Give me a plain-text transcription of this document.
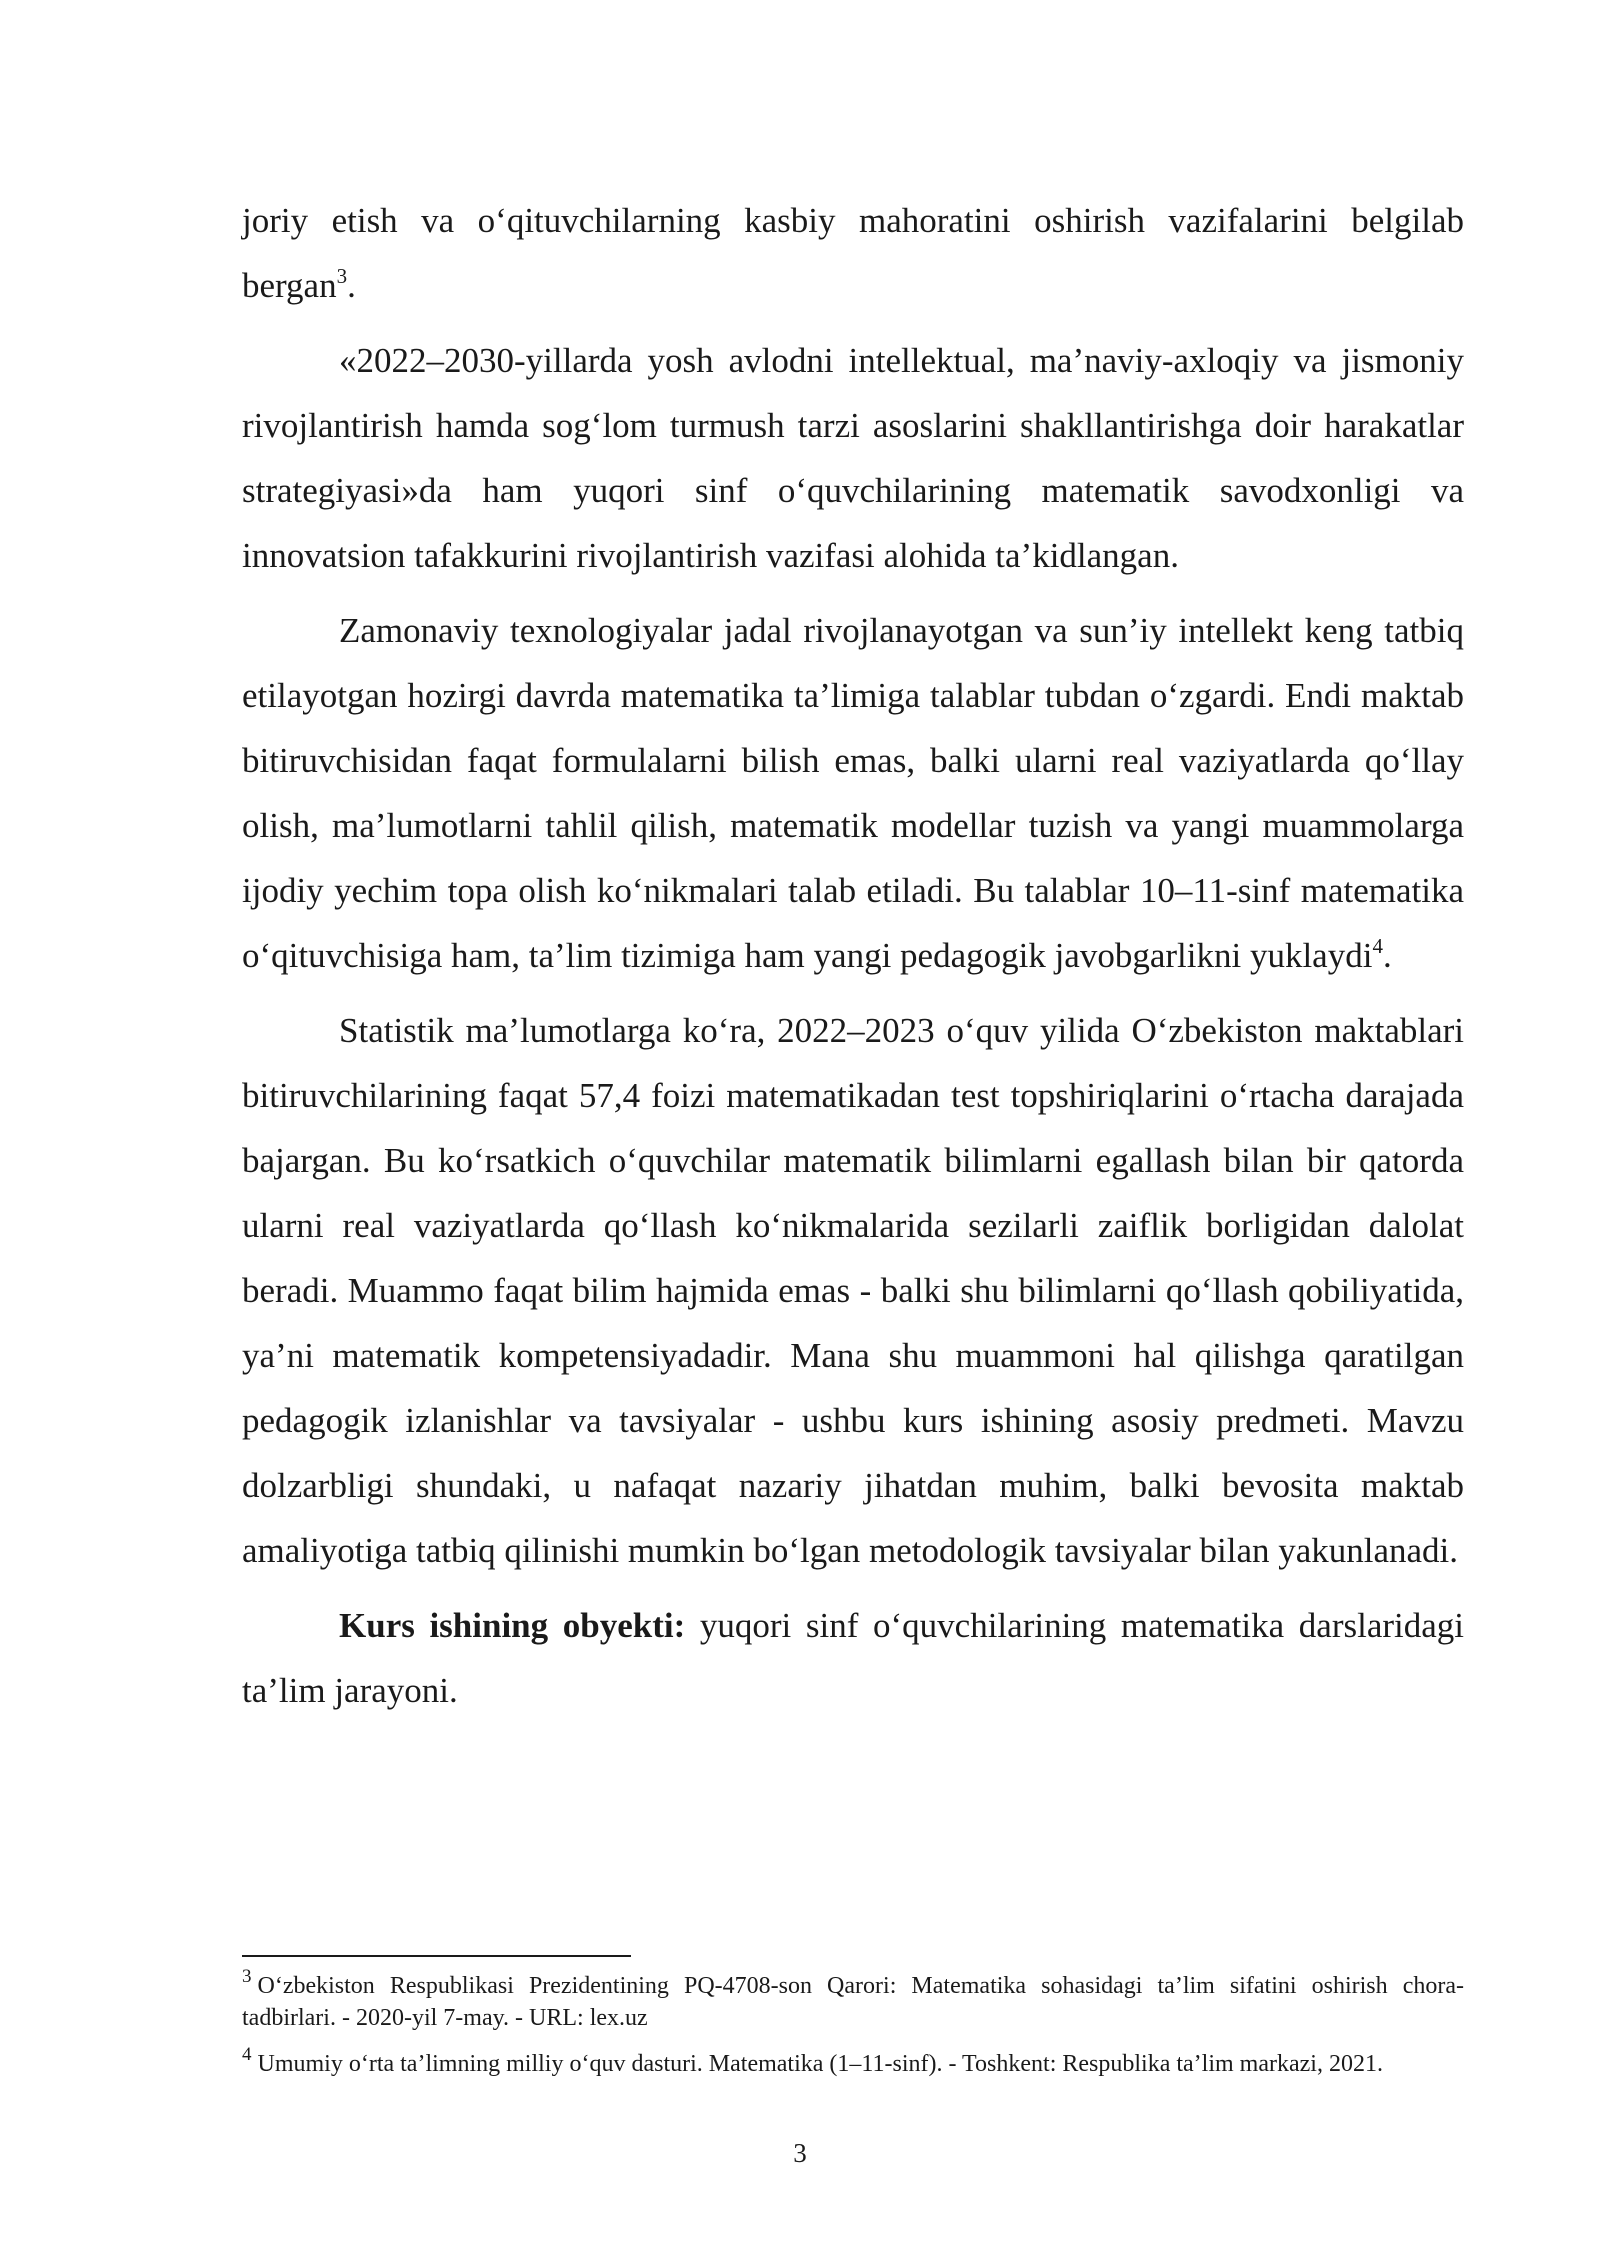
joriy etish va o‘qituvchilarning kasbiy mahoratini oshirish vazifalarini belgilab bergan$^3$.

«2022–2030-yillarda yosh avlodni intellektual, ma’naviy-axloqiy va jismoniy rivojlantirish hamda sog‘lom turmush tarzi asoslarini shakllantirishga doir harakatlar strategiyasi»da ham yuqori sinf o‘quvchilarining matematik savodxonligi va innovatsion tafakkurini rivojlantirish vazifasi alohida ta’kidlangan.

Zamonaviy texnologiyalar jadal rivojlanayotgan va sun’iy intellekt keng tatbiq etilayotgan hozirgi davrda matematika ta’limiga talablar tubdan o‘zgardi. Endi maktab bitiruvchisidan faqat formulalarni bilish emas, balki ularni real vaziyatlarda qo‘llay olish, ma’lumotlarni tahlil qilish, matematik modellar tuzish va yangi muammolarga ijodiy yechim topa olish ko‘nikmalari talab etiladi. Bu talablar 10–11-sinf matematika o‘qituvchisiga ham, ta’lim tizimiga ham yangi pedagogik javobgarlikni yuklaydi$^4$.

Statistik ma’lumotlarga ko‘ra, 2022–2023 o‘quv yilida O‘zbekiston maktablari bitiruvchilarining faqat 57,4 foizi matematikadan test topshiriqlarini o‘rtacha darajada bajargan. Bu ko‘rsatkich o‘quvchilar matematik bilimlarni egallash bilan bir qatorda ularni real vaziyatlarda qo‘llash ko‘nikmalarida sezilarli zaiflik borligidan dalolat beradi. Muammo faqat bilim hajmida emas - balki shu bilimlarni qo‘llash qobiliyatida, ya’ni matematik kompetensiyadadir. Mana shu muammoni hal qilishga qaratilgan pedagogik izlanishlar va tavsiyalar - ushbu kurs ishining asosiy predmeti. Mavzu dolzarbligi shundaki, u nafaqat nazariy jihatdan muhim, balki bevosita maktab amaliyotiga tatbiq qilinishi mumkin bo‘lgan metodologik tavsiyalar bilan yakunlanadi.

Kurs ishining obyekti: yuqori sinf o‘quvchilarining matematika darslaridagi ta’lim jarayoni.

$^3$ O‘zbekiston Respublikasi Prezidentining PQ-4708-son Qarori: Matematika sohasidagi ta’lim sifatini oshirish chora-tadbirlari. - 2020-yil 7-may. - URL: lex.uz

$^4$ Umumiy o‘rta ta’limning milliy o‘quv dasturi. Matematika (1–11-sinf). - Toshkent: Respublika ta’lim markazi, 2021.

3
